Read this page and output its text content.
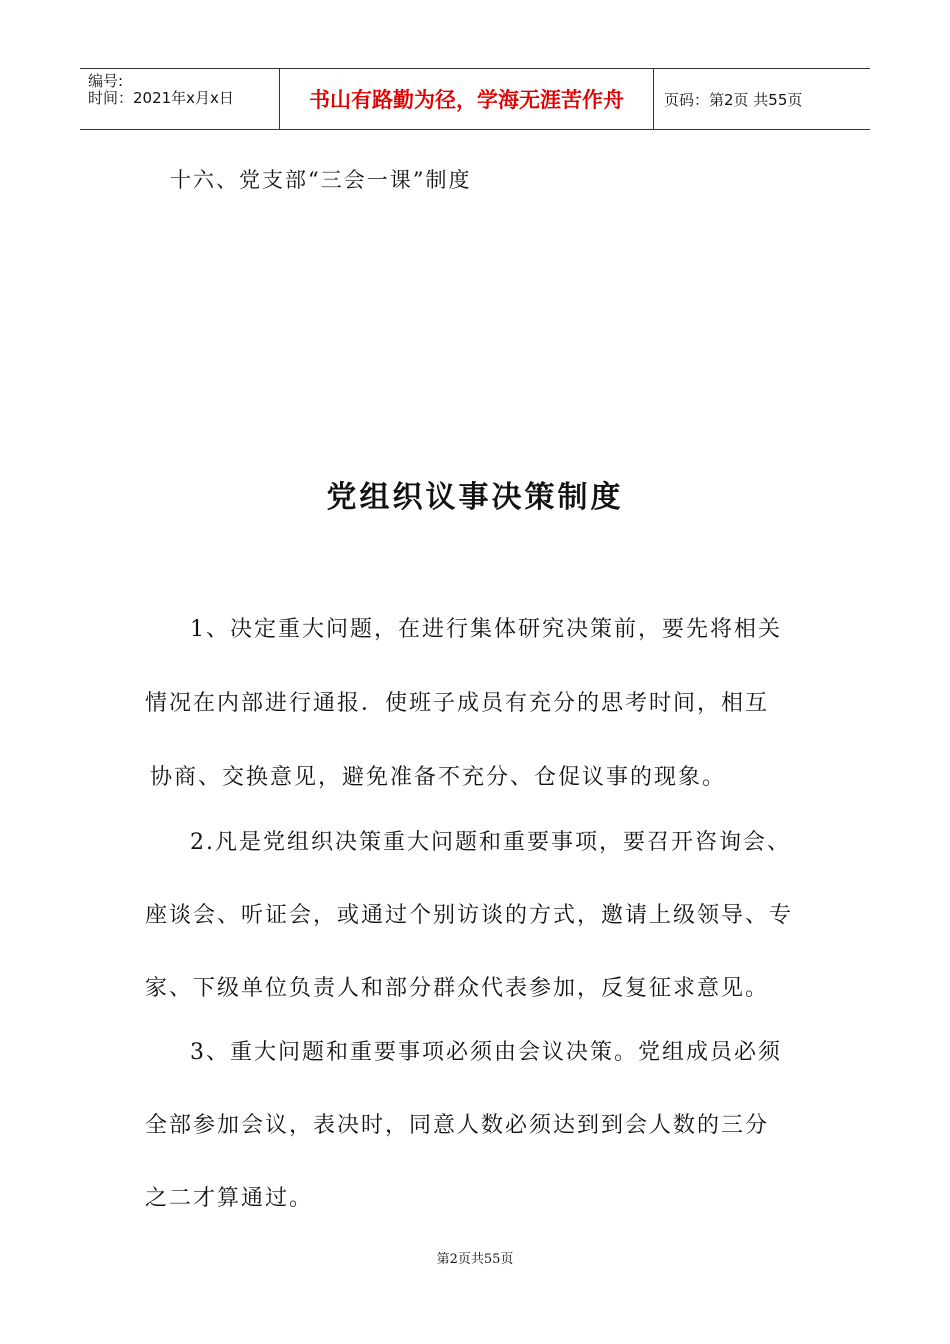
编号:
时间：2021年x月x日	书山有路勤为径，学海无涯苦作舟	页码：第2页 共55页
十六、党支部“三会一课”制度
党组织议事决策制度
1、决定重大问题，在进行集体研究决策前，要先将相关
情况在内部进行通报．使班子成员有充分的思考时间，相互
协商、交换意见，避免准备不充分、仓促议事的现象。
2.凡是党组织决策重大问题和重要事项，要召开咨询会、
座谈会、听证会，或通过个别访谈的方式，邀请上级领导、专
家、下级单位负责人和部分群众代表参加，反复征求意见。
3、重大问题和重要事项必须由会议决策。党组成员必须
全部参加会议，表决时，同意人数必须达到到会人数的三分
之二才算通过。
第2页共55页
